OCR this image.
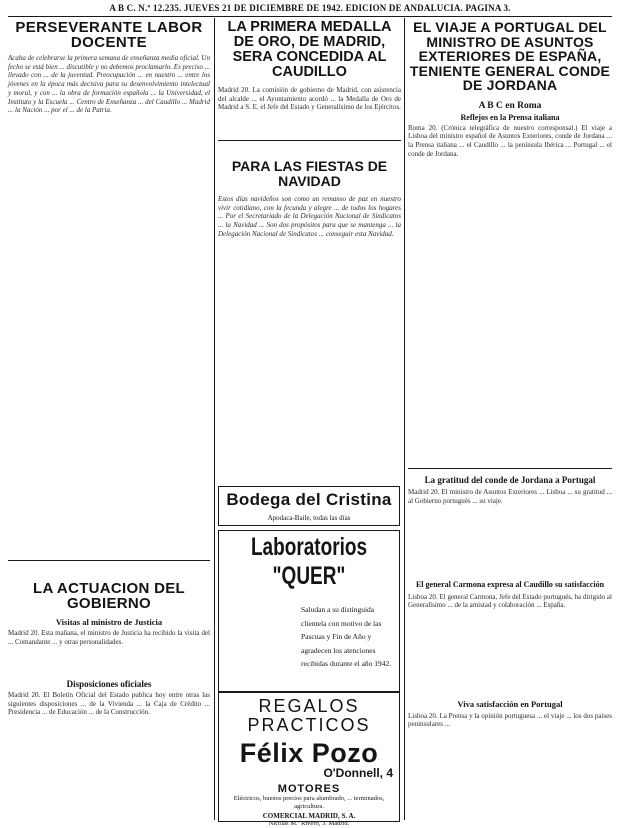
A B C. N.º 12.235. JUEVES 21 DE DICIEMBRE DE 1942. EDICION DE ANDALUCIA. PAGINA 3.
PERSEVERANTE LABOR DOCENTE

Acaba de celebrarse la primera semana de enseñanza media oficial. Un fecho se está bien ... discutible y no debemos proclamarlo. Es preciso ... llevado con ... de la juventud. Preocupación ... en nuestro ... entre los jóvenes en la época más decisiva para su desenvolvimiento intelectual y moral, y con ... la obra de formación española ... la Universidad, el Instituto y la Escuela ... Centro de Enseñanza ... del Caudillo ... Madrid ... la Nación ... por el ... de la Patria.

LA ACTUACION DEL GOBIERNO
Visitas al ministro de Justicia

Madrid 20. Esta mañana, el ministro de Justicia ha recibido la visita del ... Comandante ... y otras personalidades.

Disposiciones oficiales

Madrid 20. El Boletín Oficial del Estado publica hoy entre otras las siguientes disposiciones ... de la Vivienda ... la Caja de Crédito ... Presidencia ... de Educación ... de la Construcción.

LA PRIMERA MEDALLA DE ORO, DE MADRID, SERA CONCEDIDA AL CAUDILLO

Madrid 20. La comisión de gobierno de Madrid, con asistencia del alcalde ... el Ayuntamiento acordó ... la Medalla de Oro de Madrid a S. E. el Jefe del Estado y Generalísimo de los Ejércitos.

PARA LAS FIESTAS DE NAVIDAD

Estos días navideños son como un remanso de paz en nuestro vivir cotidiano, con la fecunda y alegre ... de todos los hogares ... Por el Secretariado de la Delegación Nacional de Sindicatos ... la Navidad ... Son dos propósitos para que se mantenga ... la Delegación Nacional de Sindicatos ... conseguir esta Navidad.

Bodega del Cristina
Apodaca-Baile, todas las días
Laboratorios "QUER"

Saludan a su distinguida clientela con motivo de las Pascuas y Fin de Año y agradecen los atenciones recibidas durante el año 1942.

REGALOS PRACTICOS
Félix Pozo
O'Donnell, 4
MOTORES
Eléctricos, buenos precios para alumbrado, ... terminados, agricultura.
COMERCIAL MADRID, S. A.
Nicolás M.ª Rivero, 3. Madrid.
EL VIAJE A PORTUGAL DEL MINISTRO DE ASUNTOS EXTERIORES DE ESPAÑA, TENIENTE GENERAL CONDE DE JORDANA
A B C en Roma
Reflejos en la Prensa italiana

Roma 20. (Crónica telegráfica de nuestro corresponsal.) El viaje a Lisboa del ministro español de Asuntos Exteriores, conde de Jordana ... la Prensa italiana ... el Caudillo ... la península Ibérica ... Portugal ... el conde de Jordana.

La gratitud del conde de Jordana a Portugal

Madrid 20. El ministro de Asuntos Exteriores ... Lisboa ... su gratitud ... al Gobierno portugués ... su viaje.

El general Carmona expresa al Caudillo su satisfacción

Lisboa 20. El general Carmona, Jefe del Estado portugués, ha dirigido al Generalísimo ... de la amistad y colaboración ... España.

Viva satisfacción en Portugal

Lisboa 20. La Prensa y la opinión portuguesa ... el viaje ... los dos países peninsulares ...
